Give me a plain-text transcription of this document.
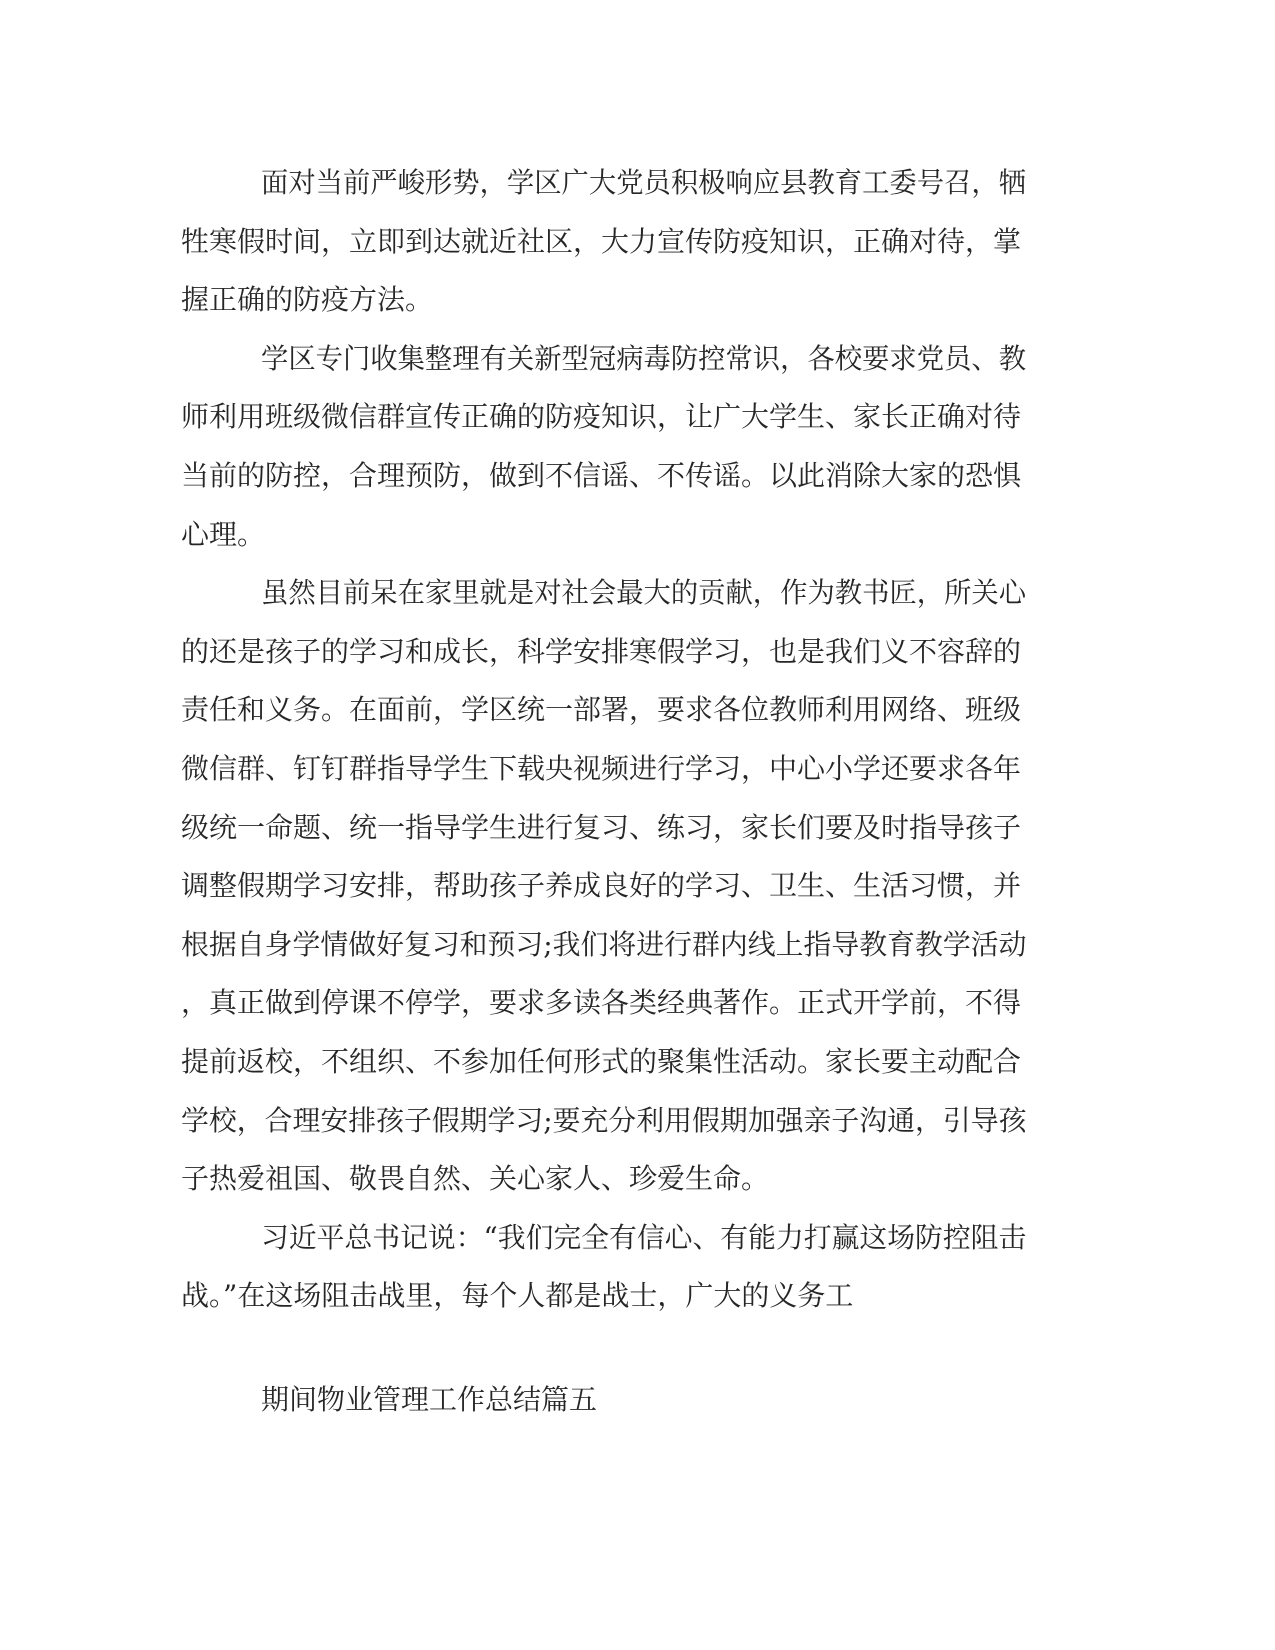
面对当前严峻形势，学区广大党员积极响应县教育工委号召，牺
牲寒假时间，立即到达就近社区，大力宣传防疫知识，正确对待，掌
握正确的防疫方法。
学区专门收集整理有关新型冠病毒防控常识，各校要求党员、教
师利用班级微信群宣传正确的防疫知识，让广大学生、家长正确对待
当前的防控，合理预防，做到不信谣、不传谣。以此消除大家的恐惧
心理。
虽然目前呆在家里就是对社会最大的贡献，作为教书匠，所关心
的还是孩子的学习和成长，科学安排寒假学习，也是我们义不容辞的
责任和义务。在面前，学区统一部署，要求各位教师利用网络、班级
微信群、钉钉群指导学生下载央视频进行学习，中心小学还要求各年
级统一命题、统一指导学生进行复习、练习，家长们要及时指导孩子
调整假期学习安排，帮助孩子养成良好的学习、卫生、生活习惯，并
根据自身学情做好复习和预习;我们将进行群内线上指导教育教学活动
，真正做到停课不停学，要求多读各类经典著作。正式开学前，不得
提前返校，不组织、不参加任何形式的聚集性活动。家长要主动配合
学校，合理安排孩子假期学习;要充分利用假期加强亲子沟通，引导孩
子热爱祖国、敬畏自然、关心家人、珍爱生命。
习近平总书记说：“我们完全有信心、有能力打赢这场防控阻击
战。”在这场阻击战里，每个人都是战士，广大的义务工
期间物业管理工作总结篇五
